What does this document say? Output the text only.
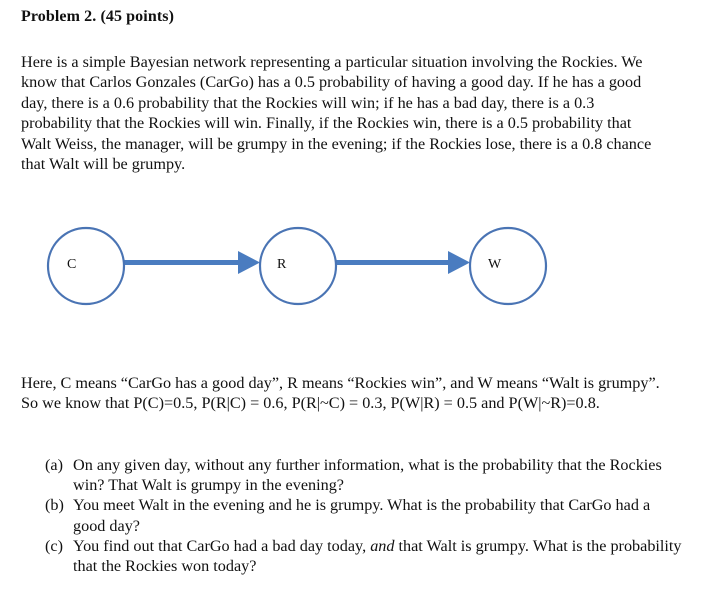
Problem 2. (45 points)
Here is a simple Bayesian network representing a particular situation involving the Rockies. We know that Carlos Gonzales (CarGo) has a 0.5 probability of having a good day. If he has a good day, there is a 0.6 probability that the Rockies will win; if he has a bad day, there is a 0.3 probability that the Rockies will win. Finally, if the Rockies win, there is a 0.5 probability that Walt Weiss, the manager, will be grumpy in the evening; if the Rockies lose, there is a 0.8 chance that Walt will be grumpy.
C	R	W
Here, C means “CarGo has a good day”, R means “Rockies win”, and W means “Walt is grumpy”. So we know that P(C)=0.5, P(R|C) = 0.6, P(R|~C) = 0.3, P(W|R) = 0.5 and P(W|~R)=0.8.
(a) On any given day, without any further information, what is the probability that the Rockies win? That Walt is grumpy in the evening?
(b) You meet Walt in the evening and he is grumpy. What is the probability that CarGo had a good day?
(c) You find out that CarGo had a bad day today, and that Walt is grumpy. What is the probability that the Rockies won today?
